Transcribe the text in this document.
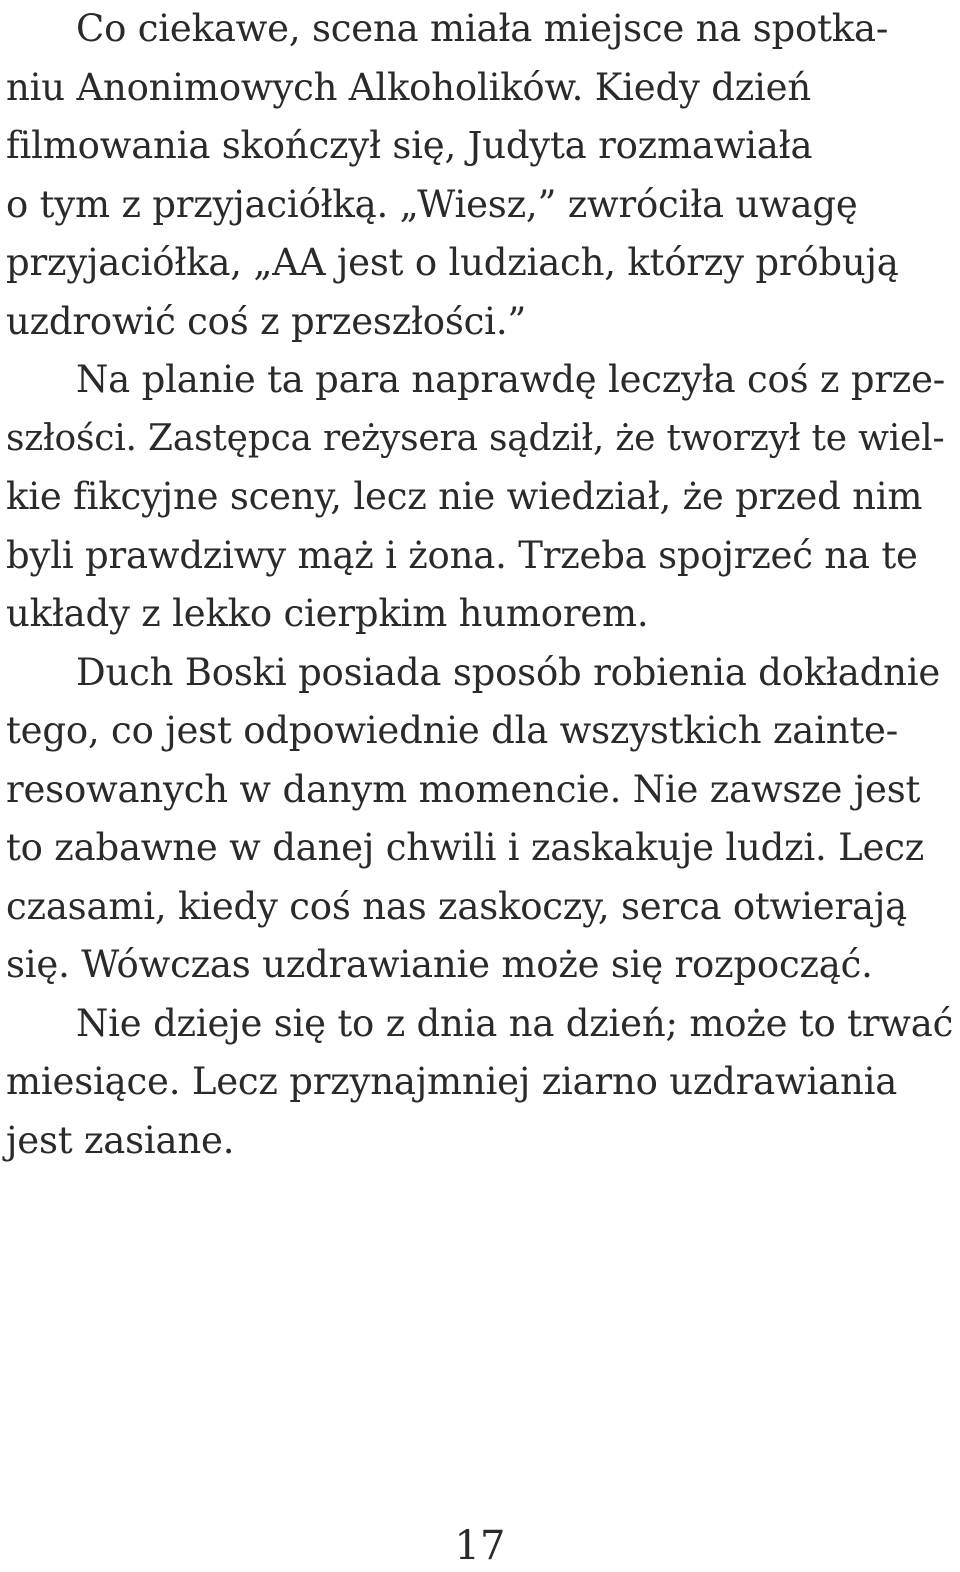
Co ciekawe, scena miała miejsce na spotka-
niu Anonimowych Alkoholików. Kiedy dzień
filmowania skończył się, Judyta rozmawiała
o tym z przyjaciółką. „Wiesz,” zwróciła uwagę
przyjaciółka, „AA jest o ludziach, którzy próbują
uzdrowić coś z przeszłości.”
Na planie ta para naprawdę leczyła coś z prze-
szłości. Zastępca reżysera sądził, że tworzył te wiel-
kie fikcyjne sceny, lecz nie wiedział, że przed nim
byli prawdziwy mąż i żona. Trzeba spojrzeć na te
układy z lekko cierpkim humorem.
Duch Boski posiada sposób robienia dokładnie
tego, co jest odpowiednie dla wszystkich zainte-
resowanych w danym momencie. Nie zawsze jest
to zabawne w danej chwili i zaskakuje ludzi. Lecz
czasami, kiedy coś nas zaskoczy, serca otwierają
się. Wówczas uzdrawianie może się rozpocząć.
Nie dzieje się to z dnia na dzień; może to trwać
miesiące. Lecz przynajmniej ziarno uzdrawiania
jest zasiane.
17
